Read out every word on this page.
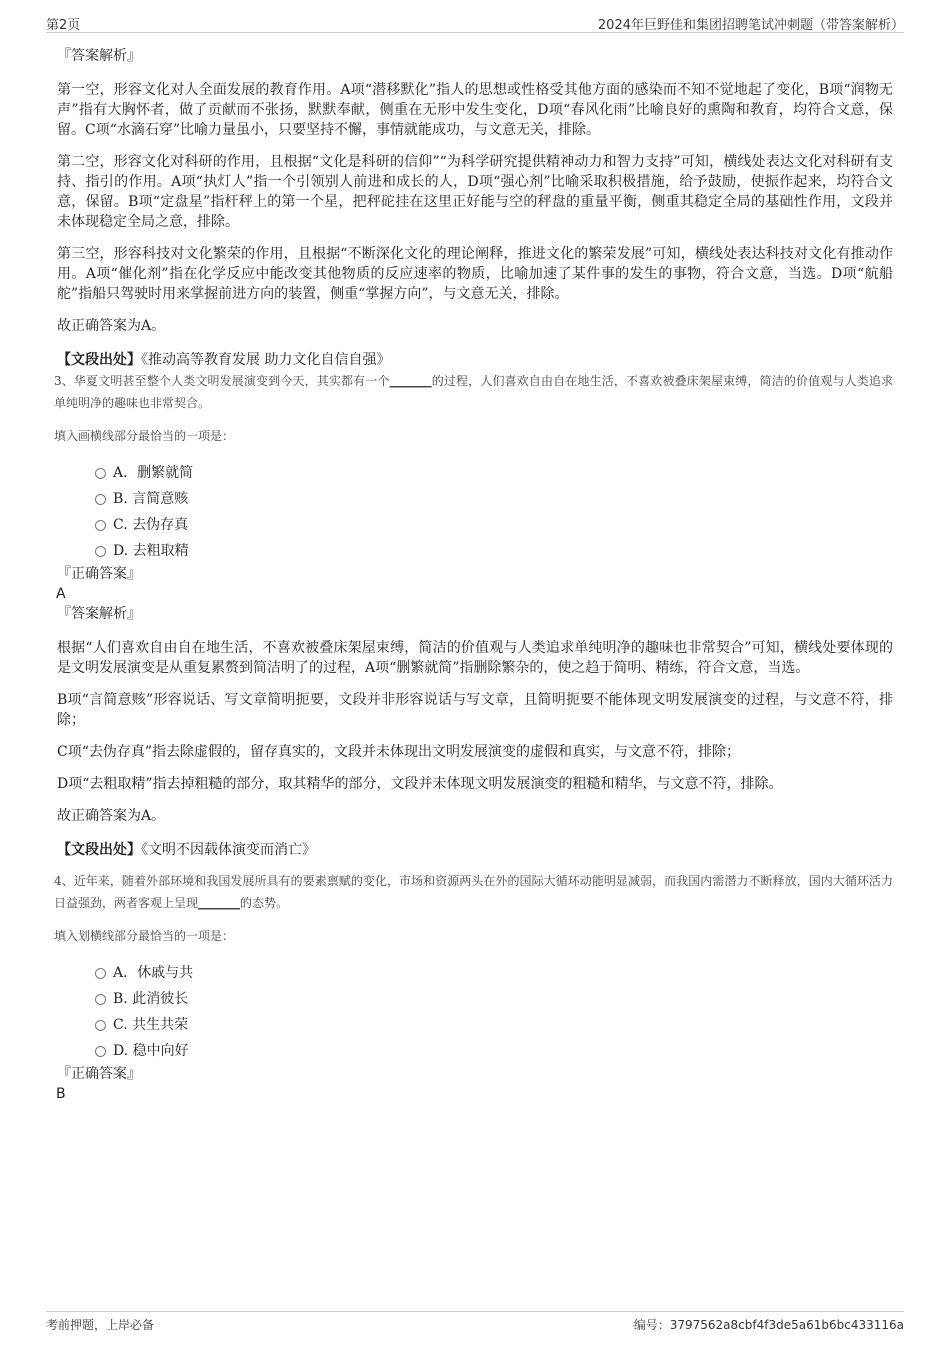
第2页	2024年巨野佳和集团招聘笔试冲刺题（带答案解析）

『答案解析』

第一空，形容文化对人全面发展的教育作用。A项“潜移默化”指人的思想或性格受其他方面的感染而不知不觉地起了变化，B项“润物无声”指有大胸怀者，做了贡献而不张扬，默默奉献，侧重在无形中发生变化，D项“春风化雨”比喻良好的熏陶和教育，均符合文意，保留。C项“水滴石穿”比喻力量虽小，只要坚持不懈，事情就能成功，与文意无关，排除。

第二空，形容文化对科研的作用，且根据“文化是科研的信仰”“为科学研究提供精神动力和智力支持”可知，横线处表达文化对科研有支持、指引的作用。A项“执灯人”指一个引领别人前进和成长的人，D项“强心剂”比喻采取积极措施，给予鼓励，使振作起来，均符合文意，保留。B项“定盘星”指杆秤上的第一个星，把秤砣挂在这里正好能与空的秤盘的重量平衡，侧重其稳定全局的基础性作用，文段并未体现稳定全局之意，排除。

第三空，形容科技对文化繁荣的作用，且根据“不断深化文化的理论阐释，推进文化的繁荣发展”可知，横线处表达科技对文化有推动作用。A项“催化剂”指在化学反应中能改变其他物质的反应速率的物质，比喻加速了某件事的发生的事物，符合文意，当选。D项“航船舵”指船只驾驶时用来掌握前进方向的装置，侧重“掌握方向”，与文意无关，排除。

故正确答案为A。

【文段出处】《推动高等教育发展 助力文化自信自强》

3、华夏文明甚至整个人类文明发展演变到今天，其实都有一个_______的过程，人们喜欢自由自在地生活，不喜欢被叠床架屋束缚，简洁的价值观与人类追求单纯明净的趣味也非常契合。

填入画横线部分最恰当的一项是：

A．删繁就简
B. 言简意赅
C. 去伪存真
D. 去粗取精

『正确答案』

A

『答案解析』

根据“人们喜欢自由自在地生活，不喜欢被叠床架屋束缚，简洁的价值观与人类追求单纯明净的趣味也非常契合”可知，横线处要体现的是文明发展演变是从重复累赘到简洁明了的过程，A项“删繁就简”指删除繁杂的，使之趋于简明、精练，符合文意，当选。

B项“言简意赅”形容说话、写文章简明扼要，文段并非形容说话与写文章，且简明扼要不能体现文明发展演变的过程，与文意不符，排除；

C项“去伪存真”指去除虚假的，留存真实的，文段并未体现出文明发展演变的虚假和真实，与文意不符，排除；

D项“去粗取精”指去掉粗糙的部分，取其精华的部分，文段并未体现文明发展演变的粗糙和精华，与文意不符，排除。

故正确答案为A。

【文段出处】《文明不因载体演变而消亡》

4、近年来，随着外部环境和我国发展所具有的要素禀赋的变化，市场和资源两头在外的国际大循环动能明显减弱，而我国内需潜力不断释放，国内大循环活力日益强劲，两者客观上呈现_______的态势。

填入划横线部分最恰当的一项是：

A．休戚与共
B. 此消彼长
C. 共生共荣
D. 稳中向好

『正确答案』

B

考前押题，上岸必备	编号：3797562a8cbf4f3de5a61b6bc433116a
